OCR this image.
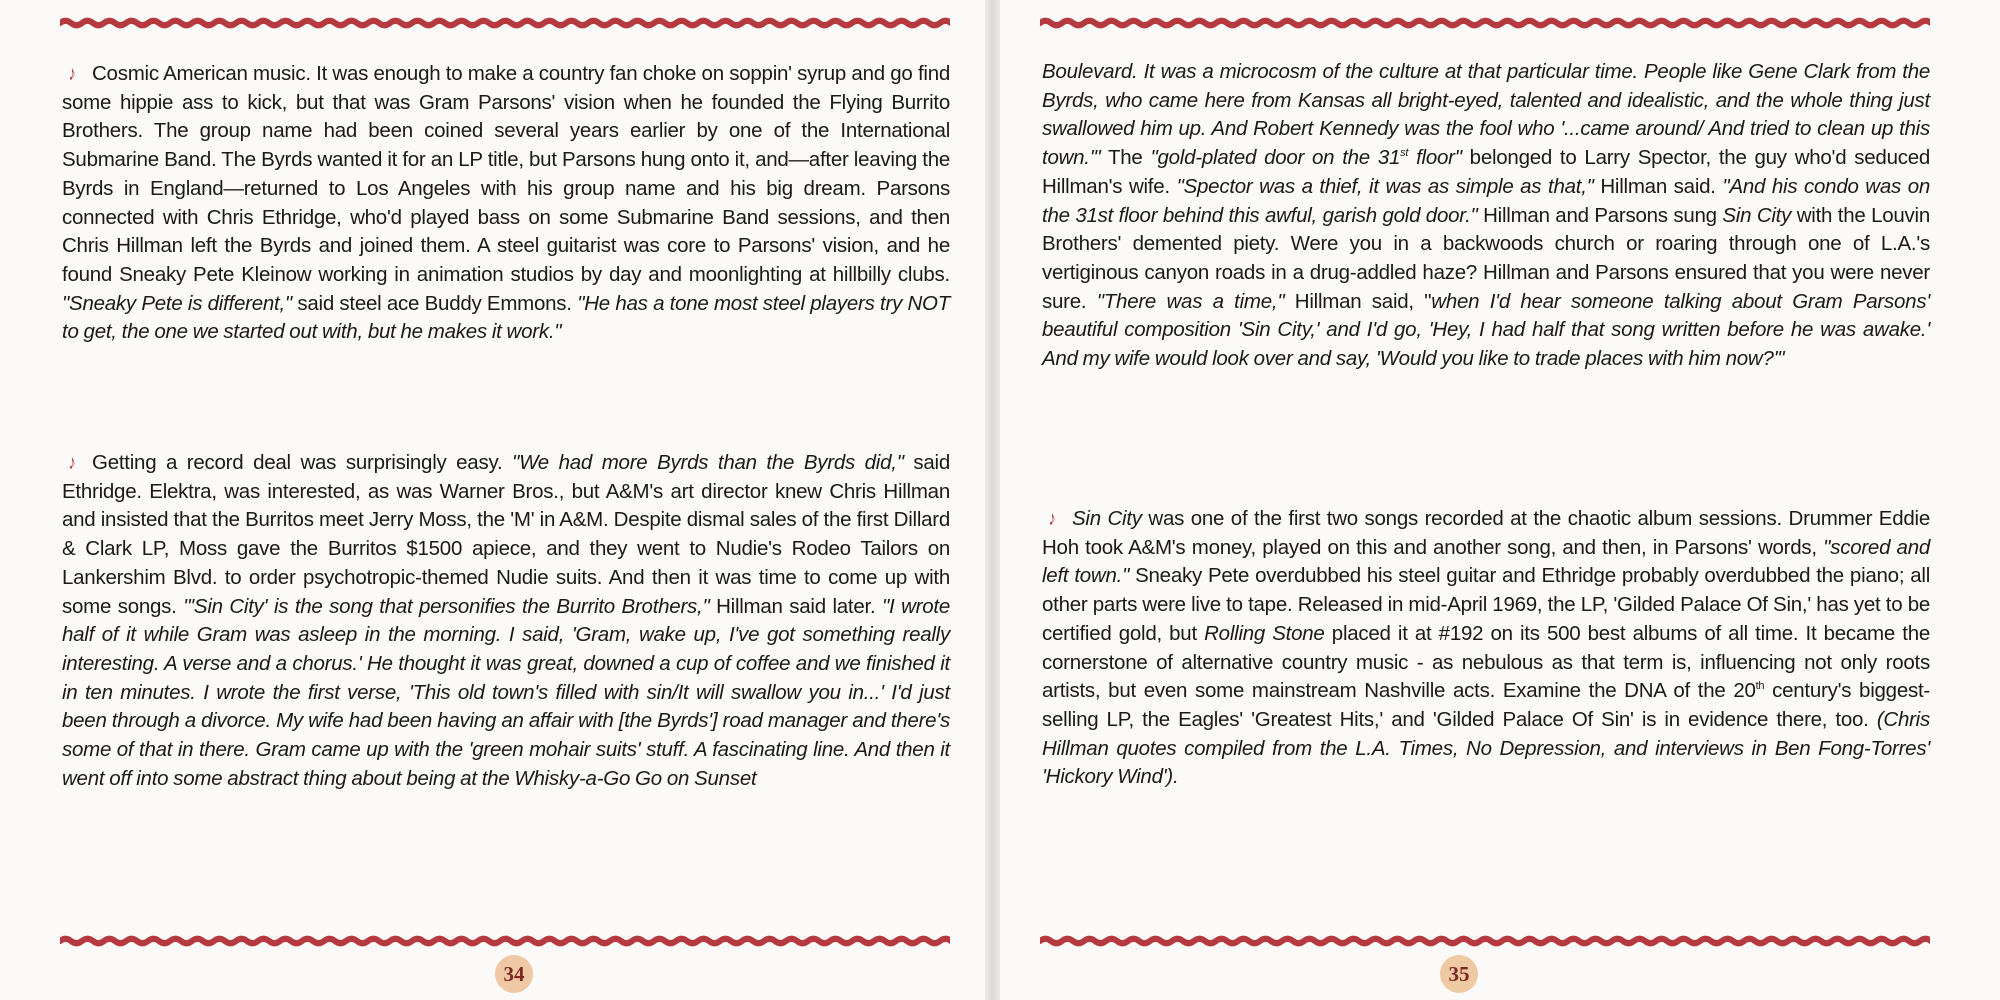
♪ Cosmic American music. It was enough to make a country fan choke on soppin' syrup and go find some hippie ass to kick, but that was Gram Parsons' vision when he founded the Flying Burrito Brothers. The group name had been coined several years earlier by one of the International Submarine Band. The Byrds wanted it for an LP title, but Parsons hung onto it, and—after leaving the Byrds in England—returned to Los Angeles with his group name and his big dream. Parsons connected with Chris Ethridge, who'd played bass on some Submarine Band sessions, and then Chris Hillman left the Byrds and joined them. A steel guitarist was core to Parsons' vision, and he found Sneaky Pete Kleinow working in animation studios by day and moonlighting at hillbilly clubs. "Sneaky Pete is different," said steel ace Buddy Emmons. "He has a tone most steel players try NOT to get, the one we started out with, but he makes it work."
♪ Getting a record deal was surprisingly easy. "We had more Byrds than the Byrds did," said Ethridge. Elektra, was interested, as was Warner Bros., but A&M's art director knew Chris Hillman and insisted that the Burritos meet Jerry Moss, the 'M' in A&M. Despite dismal sales of the first Dillard & Clark LP, Moss gave the Burritos $1500 apiece, and they went to Nudie's Rodeo Tailors on Lankershim Blvd. to order psychotropic-themed Nudie suits. And then it was time to come up with some songs. "'Sin City' is the song that personifies the Burrito Brothers," Hillman said later. "I wrote half of it while Gram was asleep in the morning. I said, 'Gram, wake up, I've got something really interesting. A verse and a chorus.' He thought it was great, downed a cup of coffee and we finished it in ten minutes. I wrote the first verse, 'This old town's filled with sin/It will swallow you in...' I'd just been through a divorce. My wife had been having an affair with [the Byrds'] road manager and there's some of that in there. Gram came up with the 'green mohair suits' stuff. A fascinating line. And then it went off into some abstract thing about being at the Whisky-a-Go Go on Sunset
34
Boulevard. It was a microcosm of the culture at that particular time. People like Gene Clark from the Byrds, who came here from Kansas all bright-eyed, talented and idealistic, and the whole thing just swallowed him up. And Robert Kennedy was the fool who '...came around/ And tried to clean up this town.'" The "gold-plated door on the 31st floor" belonged to Larry Spector, the guy who'd seduced Hillman's wife. "Spector was a thief, it was as simple as that," Hillman said. "And his condo was on the 31st floor behind this awful, garish gold door." Hillman and Parsons sung Sin City with the Louvin Brothers' demented piety. Were you in a backwoods church or roaring through one of L.A.'s vertiginous canyon roads in a drug-addled haze? Hillman and Parsons ensured that you were never sure. "There was a time," Hillman said, "when I'd hear someone talking about Gram Parsons' beautiful composition 'Sin City,' and I'd go, 'Hey, I had half that song written before he was awake.' And my wife would look over and say, 'Would you like to trade places with him now?'"
♪ Sin City was one of the first two songs recorded at the chaotic album sessions. Drummer Eddie Hoh took A&M's money, played on this and another song, and then, in Parsons' words, "scored and left town." Sneaky Pete overdubbed his steel guitar and Ethridge probably overdubbed the piano; all other parts were live to tape. Released in mid-April 1969, the LP, 'Gilded Palace Of Sin,' has yet to be certified gold, but Rolling Stone placed it at #192 on its 500 best albums of all time. It became the cornerstone of alternative country music - as nebulous as that term is, influencing not only roots artists, but even some mainstream Nashville acts. Examine the DNA of the 20th century's biggest-selling LP, the Eagles' 'Greatest Hits,' and 'Gilded Palace Of Sin' is in evidence there, too. (Chris Hillman quotes compiled from the L.A. Times, No Depression, and interviews in Ben Fong-Torres' 'Hickory Wind').
35
